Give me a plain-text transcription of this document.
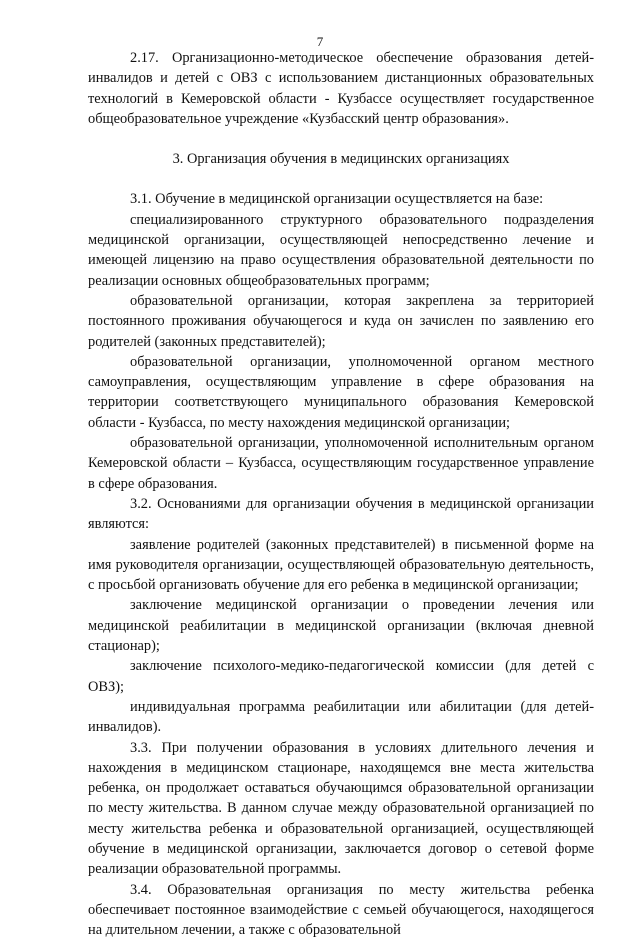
7

2.17. Организационно-методическое обеспечение образования детей-инвалидов и детей с ОВЗ с использованием дистанционных образовательных технологий в Кемеровской области - Кузбассе осуществляет государственное общеобразовательное учреждение «Кузбасский центр образования».

3. Организация обучения в медицинских организациях

3.1. Обучение в медицинской организации осуществляется на базе:

специализированного структурного образовательного подразделения медицинской организации, осуществляющей непосредственно лечение и имеющей лицензию на право осуществления образовательной деятельности по реализации основных общеобразовательных программ;

образовательной организации, которая закреплена за территорией постоянного проживания обучающегося и куда он зачислен по заявлению его родителей (законных представителей);

образовательной организации, уполномоченной органом местного самоуправления, осуществляющим управление в сфере образования на территории соответствующего муниципального образования Кемеровской области - Кузбасса, по месту нахождения медицинской организации;

образовательной организации, уполномоченной исполнительным органом Кемеровской области – Кузбасса, осуществляющим государственное управление в сфере образования.

3.2. Основаниями для организации обучения в медицинской организации являются:

заявление родителей (законных представителей) в письменной форме на имя руководителя организации, осуществляющей образовательную деятельность, с просьбой организовать обучение для его ребенка в медицинской организации;

заключение медицинской организации о проведении лечения или медицинской реабилитации в медицинской организации (включая дневной стационар);

заключение психолого-медико-педагогической комиссии (для детей с ОВЗ);

индивидуальная программа реабилитации или абилитации (для детей-инвалидов).

3.3. При получении образования в условиях длительного лечения и нахождения в медицинском стационаре, находящемся вне места жительства ребенка, он продолжает оставаться обучающимся образовательной организации по месту жительства. В данном случае между образовательной организацией по месту жительства ребенка и образовательной организацией, осуществляющей обучение в медицинской организации, заключается договор о сетевой форме реализации образовательной программы.

3.4. Образовательная организация по месту жительства ребенка обеспечивает постоянное взаимодействие с семьей обучающегося, находящегося на длительном лечении, а также с образовательной
